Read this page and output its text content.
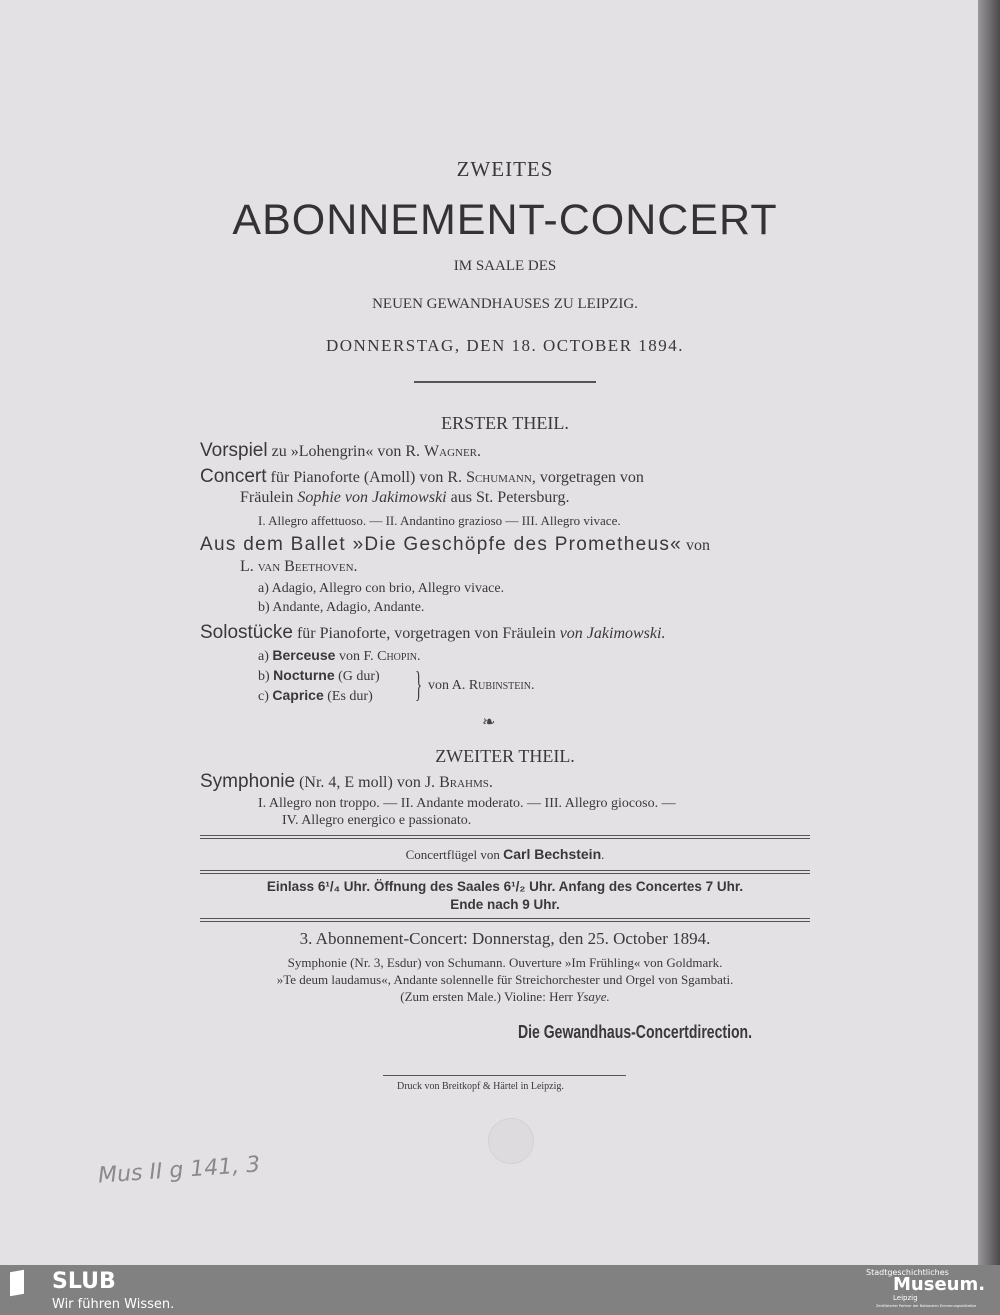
ZWEITES
ABONNEMENT-CONCERT
IM SAALE DES
NEUEN GEWANDHAUSES ZU LEIPZIG.
DONNERSTAG, DEN 18. OCTOBER 1894.
ERSTER THEIL.
Vorspiel zu »Lohengrin« von R. Wagner.
Concert für Pianoforte (Amoll) von R. Schumann, vorgetragen von
Fräulein Sophie von Jakimowski aus St. Petersburg.
I. Allegro affettuoso. — II. Andantino grazioso — III. Allegro vivace.
Aus dem Ballet »Die Geschöpfe des Prometheus« von
L. van Beethoven.
a) Adagio, Allegro con brio, Allegro vivace.
b) Andante, Adagio, Andante.
Solostücke für Pianoforte, vorgetragen von Fräulein von Jakimowski.
a) Berceuse von F. Chopin.
b) Nocturne (G dur)
c) Caprice (Es dur) } von A. Rubinstein.
❧
ZWEITER THEIL.
Symphonie (Nr. 4, E moll) von J. Brahms.
I. Allegro non troppo. — II. Andante moderato. — III. Allegro giocoso. —
IV. Allegro energico e passionato.
Concertflügel von Carl Bechstein.
Einlass 6¹/₄ Uhr. Öffnung des Saales 6¹/₂ Uhr. Anfang des Concertes 7 Uhr.
Ende nach 9 Uhr.
3. Abonnement-Concert: Donnerstag, den 25. October 1894.
Symphonie (Nr. 3, Esdur) von Schumann. Ouverture »Im Frühling« von Goldmark.
»Te deum laudamus«, Andante solennelle für Streichorchester und Orgel von Sgambati.
(Zum ersten Male.) Violine: Herr Ysaye.
Die Gewandhaus-Concertdirection.
Druck von Breitkopf & Härtel in Leipzig.
Mus II g 141, 3
SLUB
Wir führen Wissen.
Stadtgeschichtliches
Museum.
Leipzig
Zertifizierter Partner der Nationalen Erinnerungsinitiative
